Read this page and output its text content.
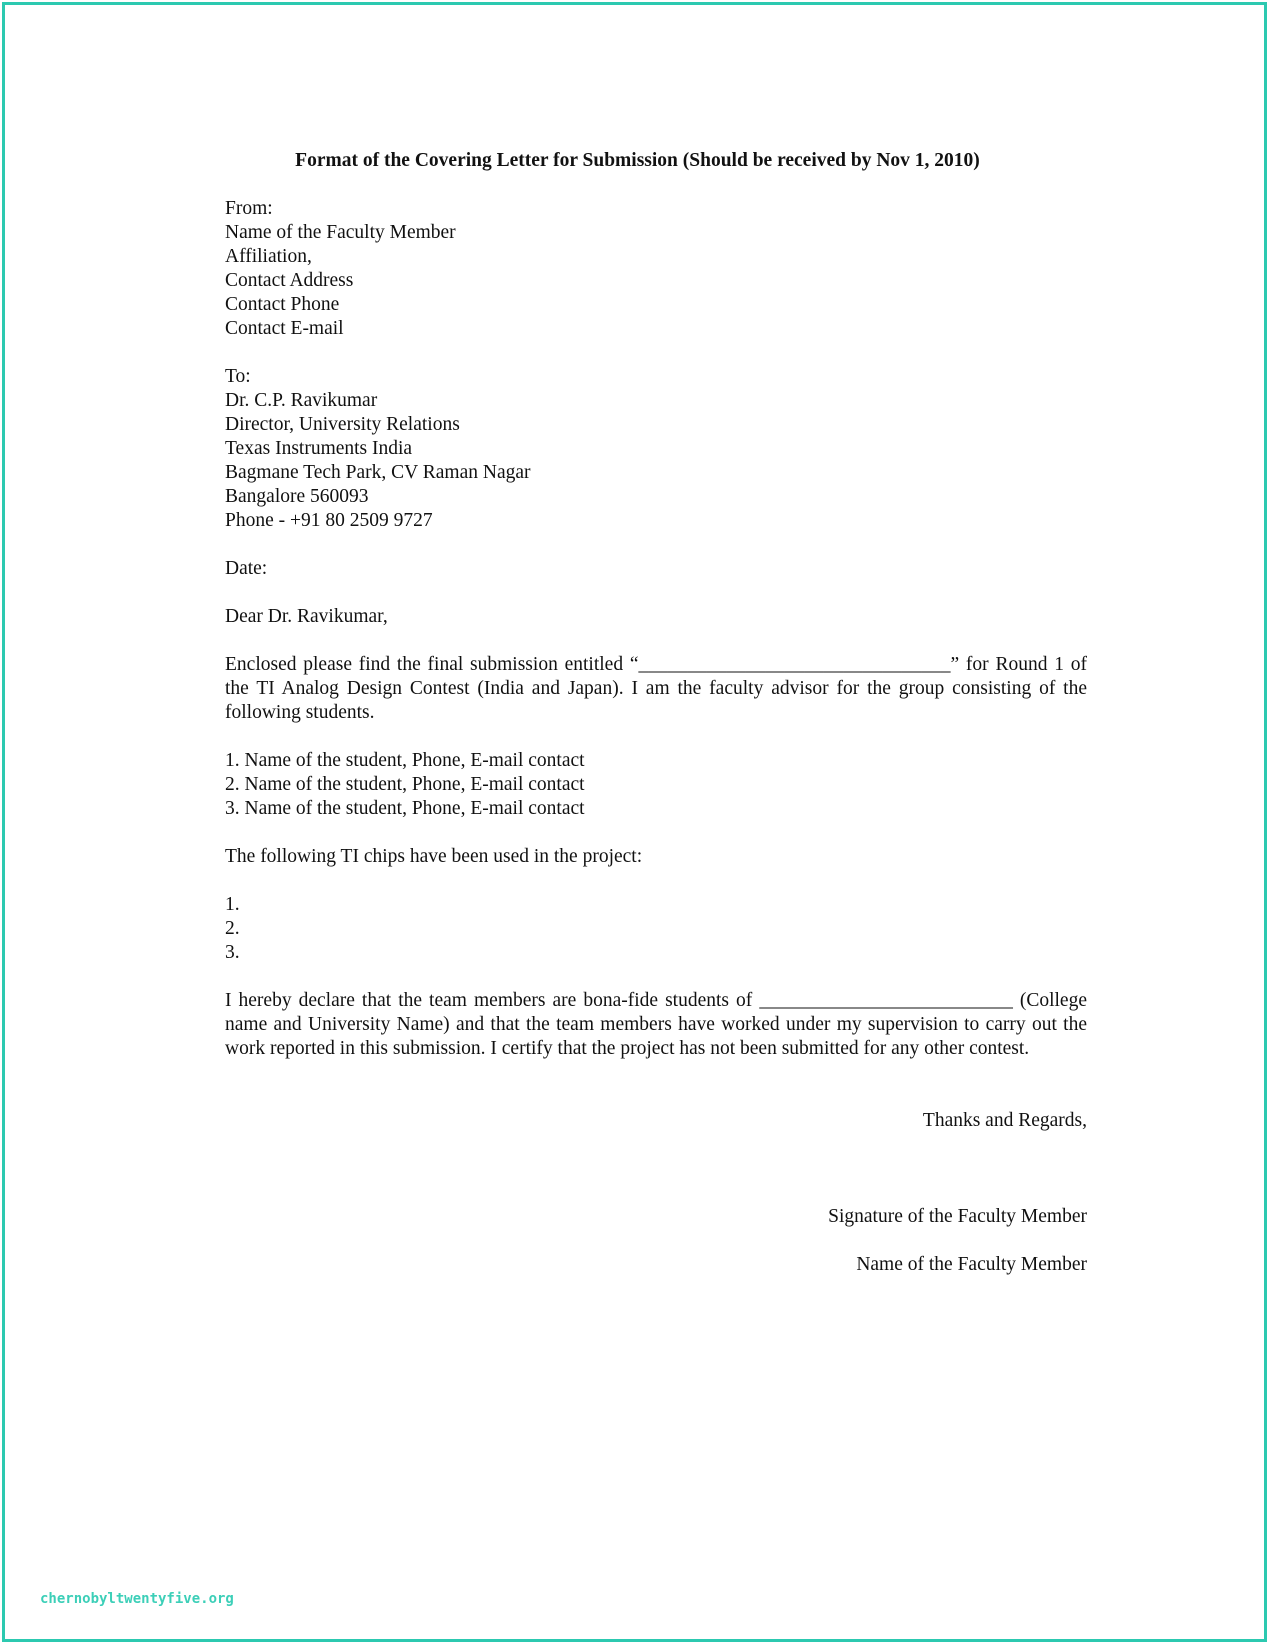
Format of the Covering Letter for Submission (Should be received by Nov 1, 2010)
From:
Name of the Faculty Member
Affiliation,
Contact Address
Contact Phone
Contact E-mail
To:
Dr. C.P. Ravikumar
Director, University Relations
Texas Instruments India
Bagmane Tech Park, CV Raman Nagar
Bangalore 560093
Phone - +91 80 2509 9727
Date:
Dear Dr. Ravikumar,
Enclosed please find the final submission entitled “________________________________” for Round 1 of the TI Analog Design Contest (India and Japan). I am the faculty advisor for the group consisting of the following students.
1. Name of the student, Phone, E-mail contact
2. Name of the student, Phone, E-mail contact
3. Name of the student, Phone, E-mail contact
The following TI chips have been used in the project:
1.
2.
3.
I hereby declare that the team members are bona-fide students of __________________________ (College name and University Name) and that the team members have worked under my supervision to carry out the work reported in this submission. I certify that the project has not been submitted for any other contest.
Thanks and Regards,
Signature of the Faculty Member
Name of the Faculty Member
chernobyltwentyfive.org
